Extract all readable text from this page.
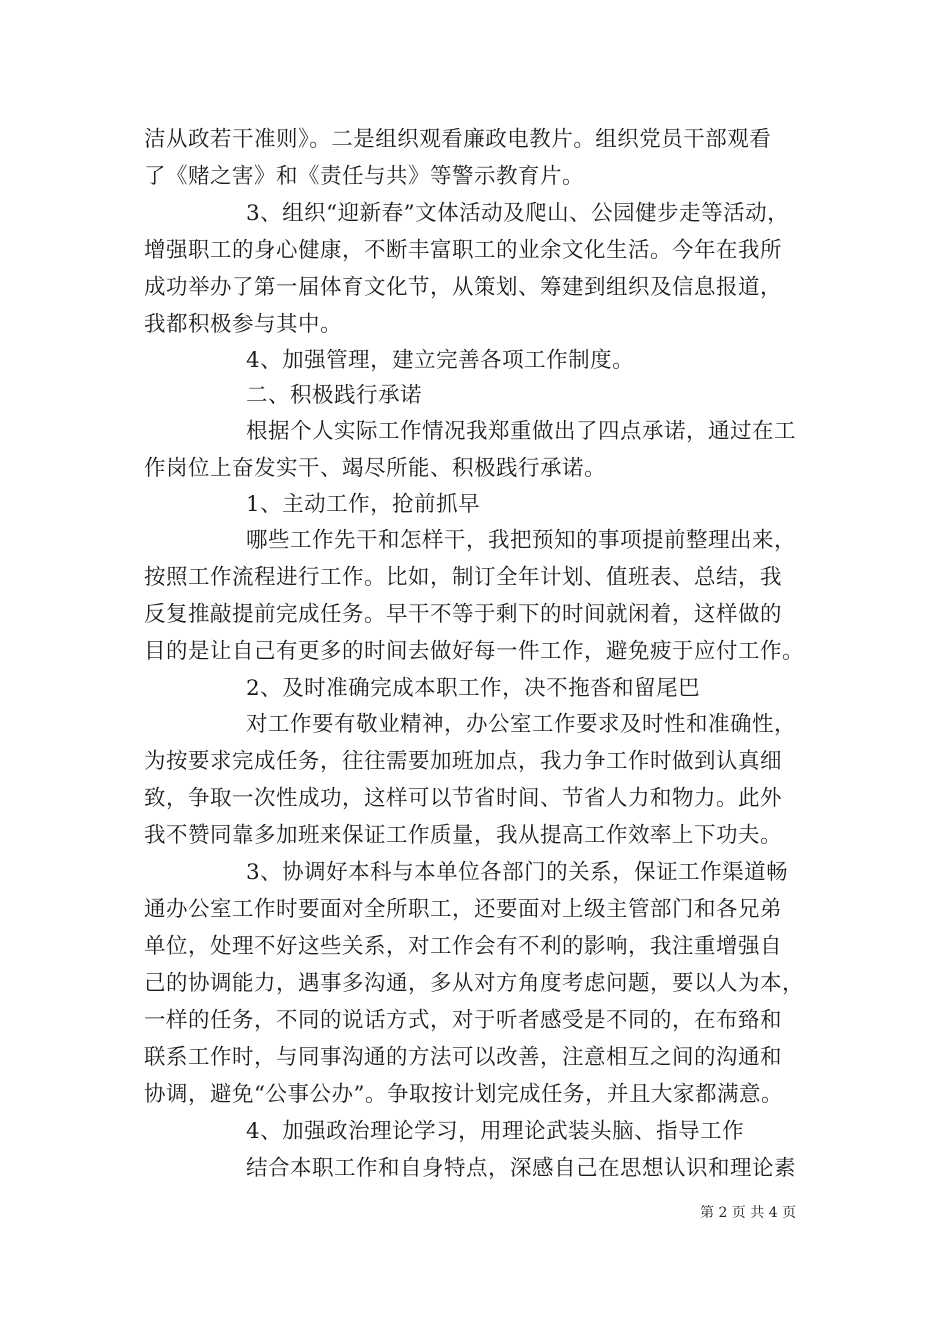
洁从政若干准则》。二是组织观看廉政电教片。组织党员干部观看
了《赌之害》和《责任与共》等警示教育片。
3、组织“迎新春”文体活动及爬山、公园健步走等活动，
增强职工的身心健康，不断丰富职工的业余文化生活。今年在我所
成功举办了第一届体育文化节，从策划、筹建到组织及信息报道，
我都积极参与其中。
4、加强管理，建立完善各项工作制度。
二、积极践行承诺
根据个人实际工作情况我郑重做出了四点承诺，通过在工
作岗位上奋发实干、竭尽所能、积极践行承诺。
1、主动工作，抢前抓早
哪些工作先干和怎样干，我把预知的事项提前整理出来，
按照工作流程进行工作。比如，制订全年计划、值班表、总结，我
反复推敲提前完成任务。早干不等于剩下的时间就闲着，这样做的
目的是让自己有更多的时间去做好每一件工作，避免疲于应付工作。
2、及时准确完成本职工作，决不拖沓和留尾巴
对工作要有敬业精神，办公室工作要求及时性和准确性，
为按要求完成任务，往往需要加班加点，我力争工作时做到认真细
致，争取一次性成功，这样可以节省时间、节省人力和物力。此外
我不赞同靠多加班来保证工作质量，我从提高工作效率上下功夫。
3、协调好本科与本单位各部门的关系，保证工作渠道畅
通办公室工作时要面对全所职工，还要面对上级主管部门和各兄弟
单位，处理不好这些关系，对工作会有不利的影响，我注重增强自
己的协调能力，遇事多沟通，多从对方角度考虑问题，要以人为本，
一样的任务，不同的说话方式，对于听者感受是不同的，在布臵和
联系工作时，与同事沟通的方法可以改善，注意相互之间的沟通和
协调，避免“公事公办”。争取按计划完成任务，并且大家都满意。
4、加强政治理论学习，用理论武装头脑、指导工作
结合本职工作和自身特点，深感自己在思想认识和理论素
第 2 页 共 4 页
